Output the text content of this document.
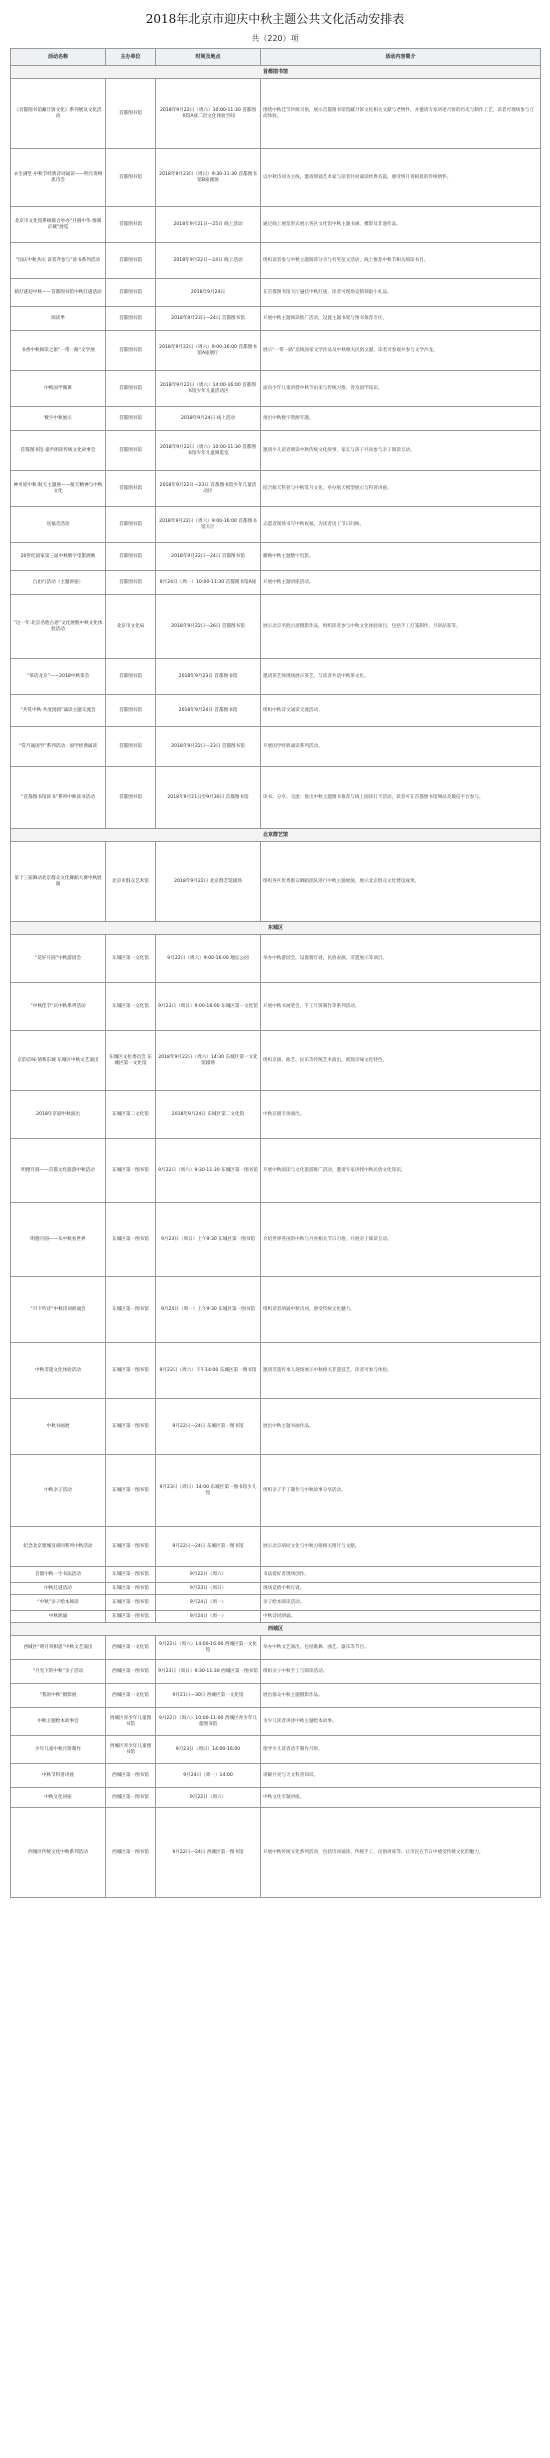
2018年北京市迎庆中秋主题公共文化活动安排表
共（220）项
活动名称	主办单位	时间及地点	活动内容简介
首都图书馆			
《首都图书馆藏月饼文化》系列展及文化活动	首都图书馆	2018年9月22日（周六）10:00-11:30 首都图书馆A座二层文化体验空间	围绕中秋佳节传统习俗，展示首都图书馆馆藏月饼文化相关文献与老物件，并邀请专家讲述月饼的历史与制作工艺，读者可现场参与互动体验。
永生满堂·中秋节经典诗词诵读——明月寄相思诗会	首都图书馆	2018年9月23日（周日）9:30-11:30 首都图书馆B座剧场	以中秋诗词为主线，邀请朗诵艺术家与读者共同诵读经典名篇，感受明月寄相思的传统情怀。
北京市文化馆系统联合举办“月圆中华·情满京城”展览	首都图书馆	2018年9月21日—25日 线上活动	通过线上展览形式展示各区文化馆中秋主题书画、摄影及非遗作品。
“国庆中秋共庆 读者齐参与”读书系列活动	首都图书馆	2018年9月22日—24日 线上活动	组织读者参与中秋主题阅读分享与有奖征文活动，线上推荐中秋节相关阅读书目。
猜灯谜迎中秋——首都图书馆中秋灯谜活动	首都图书馆	2018年9月24日	在首都图书馆大厅悬挂中秋灯谜，读者可现场竞猜领取小礼品。
阅读季	首都图书馆	2018年9月23日—24日 首都图书馆	开展中秋主题阅读推广活动，设置主题书架与图书推荐专区。
书香中秋阅读之旅“一带一路”文学展	首都图书馆	2018年9月22日（周六）9:00-16:00 首都图书馆A座展厅	展示“一带一路”沿线国家文学作品及中秋相关民俗文献，读者可参观并参与文学沙龙。
中秋国学微课	首都图书馆	2018年9月22日（周六）14:00-16:00 首都图书馆少年儿童活动区	面向少年儿童讲授中秋节由来与传统习俗，普及国学知识。
数字中秋展示	首都图书馆	2018年9月24日 线上活动	推出中秋数字资源专题。
首都图书馆·童声朗读传统文化故事会	首都图书馆	2018年9月22日（周六）10:00-11:30 首都图书馆少年儿童阅览室	邀请少儿读者朗读中秋传统文化故事，家长与孩子共同参与亲子阅读互动。
神舟迎中秋·航天主题展——航天精神与中秋文化	首都图书馆	2018年9月22日—23日 首都图书馆少年儿童活动区	结合航天科普与中秋赏月文化，举办航天模型展示与科普讲座。
送福音活动	首都图书馆	2018年9月22日（周六）9:00-16:00 首都图书馆大厅	志愿者现场书写中秋祝福，为读者送上节日问候。
20世纪国家第三届中秋数字电影展映	首都图书馆	2018年9月22日—24日 首都图书馆	播映中秋主题数字电影。
自由行活动（主题讲座）	首都图书馆	9月24日（周一）10:00-11:30 首都图书馆A座	开展中秋主题讲座活动。
“这一年·北京名胜古迹”文化展暨中秋文化体验活动	北京市文化局	2018年9月22日—26日 首都图书馆	展示北京名胜古迹摄影作品，组织读者参与中秋文化体验项目，包括手工灯笼制作、月饼品鉴等。
“茶话北京”——2018中秋茶会	首都图书馆	2018年9月23日 首都图书馆	邀请茶艺师现场展示茶艺，与读者共话中秋茶文化。
“共赏中秋·共度团圆”诵读主题交流会	首都图书馆	2018年9月24日 首都图书馆	组织中秋诗文诵读交流活动。
“赏月诵国学”系列活动：国学经典诵读	首都图书馆	2018年9月22日—23日 首都图书馆	开展国学经典诵读系列活动。
“首都图书馆读书”系列中秋读书活动	首都图书馆	2018年9月21日至9月30日 首都图书馆	读书、分享、交流：推出中秋主题图书推荐与线上阅读打卡活动，读者可在首都图书馆网站及微信平台参与。
北京群艺馆			
第十三届舞动北京群众文化舞蹈大赛中秋展演	北京市群众艺术馆	2018年9月22日 北京群艺馆剧场	组织各区优秀群众舞蹈团队进行中秋主题展演，展示北京群众文化建设成果。
东城区			
“花好月圆”中秋游园会	东城区第一文化馆	9月22日（周六）9:00-16:00 地坛公园	举办中秋游园会，设置猜灯谜、民俗表演、非遗展示等项目。
“中秋佳节”庆中秋系列活动	东城区第一文化馆	9月23日（周日）9:00-16:00 东城区第一文化馆	开展中秋书画笔会、手工月饼制作等系列活动。
京韵京味·情系东城 东城区中秋文艺演出	东城区文化委员会 东城区第一文化馆	2018年9月22日（周六）14:30 东城区第一文化馆剧场	组织京剧、曲艺、民乐等传统艺术演出，展现京味文化特色。
2018年京剧中秋演出	东城区第二文化馆	2018年9月24日 东城区第二文化馆	中秋京剧专场演出。
明德月圆——首都文化旅游中秋活动	东城区第一图书馆	9月22日（周六）9:30-11:30 东城区第一图书馆	开展中秋阅读与文化旅游推广活动，邀请专家讲授中秋民俗文化知识。
明德月圆——从中秋看世界	东城区第一图书馆	9月23日（周日）上午9:30 东城区第一图书馆	介绍世界各国的中秋与月亮相关节日习俗，开展亲子阅读互动。
“月下吟诗”中秋诗词朗诵会	东城区第一图书馆	9月24日（周一）上午9:30 东城区第一图书馆	组织读者朗诵中秋诗词，感受传统文化魅力。
中秋非遗文化体验活动	东城区第一图书馆	9月22日（周六）下午14:00 东城区第一图书馆	邀请非遗传承人现场展示中秋相关非遗技艺，读者可参与体验。
中秋书画展	东城区第一图书馆	9月22日—24日 东城区第一图书馆	展出中秋主题书画作品。
中秋亲子活动	东城区第一图书馆	9月23日（周日）14:00 东城区第一图书馆少儿馆	组织亲子手工制作与中秋故事分享活动。
纪念北京建城及胡同系列中秋活动	东城区第一图书馆	9月22日—24日 东城区第一图书馆	展示北京胡同文化与中秋习俗相关图片与文献。
首都中秋一字书法活动	东城区第一图书馆	9月22日（周六）	书法爱好者现场创作。
中秋灯谜活动	东城区第一图书馆	9月23日（周日）	现场竞猜中秋灯谜。
“中秋”亲子绘本阅读	东城区第一图书馆	9月24日（周一）	亲子绘本阅读活动。
中秋朗诵	东城区第一图书馆	9月24日（周一）	中秋诗词朗诵。
西城区			
西城区“明月寄相思”中秋文艺演出	西城区第一文化馆	9月22日（周六）14:00-16:00 西城区第一文化馆	举办中秋文艺演出，包括歌舞、曲艺、器乐等节目。
“月光下的中秋”亲子活动	西城区第一图书馆	9月23日（周日）9:30-11:30 西城区第一图书馆	组织亲子中秋手工与阅读活动。
“我的中秋”摄影展	西城区第一文化馆	9月21日—30日 西城区第一文化馆	展出群众中秋主题摄影作品。
中秋主题绘本故事会	西城区青少年儿童图书馆	9月22日（周六）10:00-11:00 西城区青少年儿童图书馆	为少儿读者讲述中秋主题绘本故事。
少年儿童中秋月饼制作	西城区青少年儿童图书馆	9月23日（周日）14:00-16:00	指导少儿读者动手制作月饼。
中秋节科普讲座	西城区第一图书馆	9月24日（周一）14:00	讲解月亮与天文科普知识。
中秋文化讲座	西城区第一图书馆	9月22日（周六）	中秋文化专题讲座。
西城区传统文化中秋系列活动	西城区第一图书馆	9月22日—24日 西城区第一图书馆	开展中秋传统文化系列活动，包括诗词诵读、传统手工、民俗讲座等，让市民在节日中感受传统文化的魅力。
